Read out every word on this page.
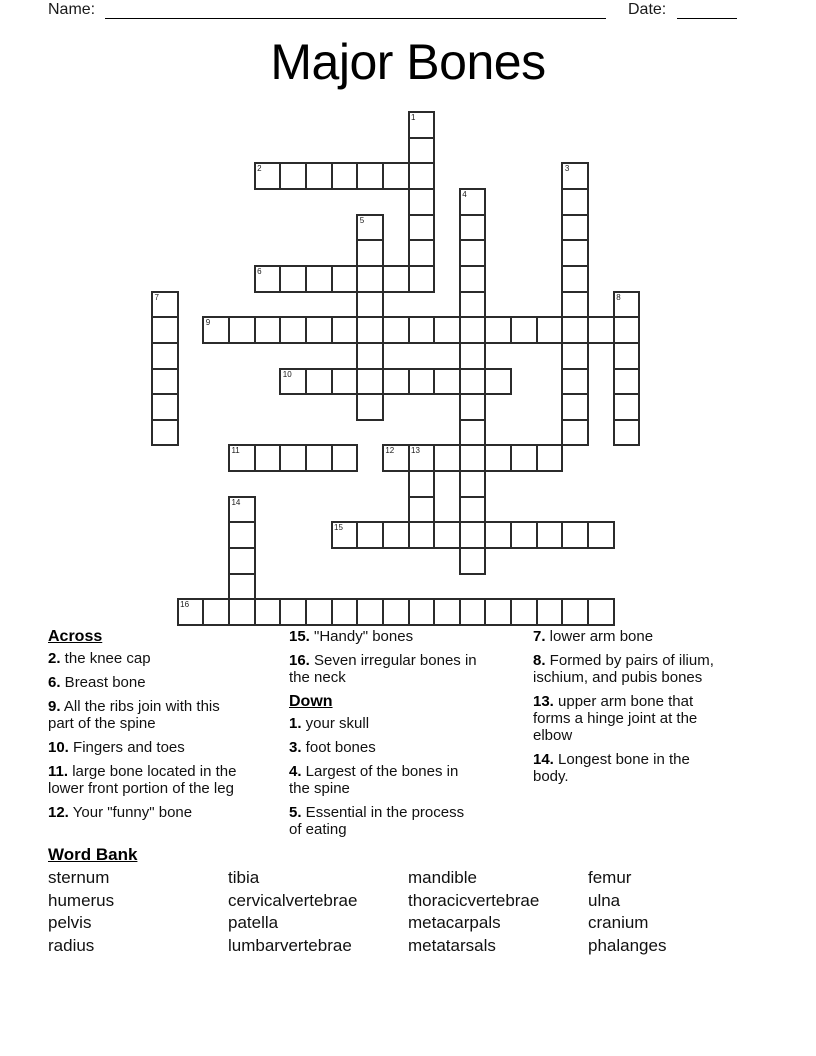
Name:	Date:
Major Bones
1
2	3
4
5
6
7	8
9
10
11	12 13
14
15
16
Across

2. the knee cap

6. Breast bone

9. All the ribs join with this
part of the spine

10. Fingers and toes

11. large bone located in the
lower front portion of the leg

12. Your "funny" bone

15. "Handy" bones

16. Seven irregular bones in
the neck

Down

1. your skull

3. foot bones

4. Largest of the bones in
the spine

5. Essential in the process
of eating

7. lower arm bone

8. Formed by pairs of ilium,
ischium, and pubis bones

13. upper arm bone that
forms a hinge joint at the
elbow

14. Longest bone in the
body.

Word Bank
sternum
humerus
pelvis
radius
tibia
cervicalvertebrae
patella
lumbarvertebrae
mandible
thoracicvertebrae
metacarpals
metatarsals
femur
ulna
cranium
phalanges
